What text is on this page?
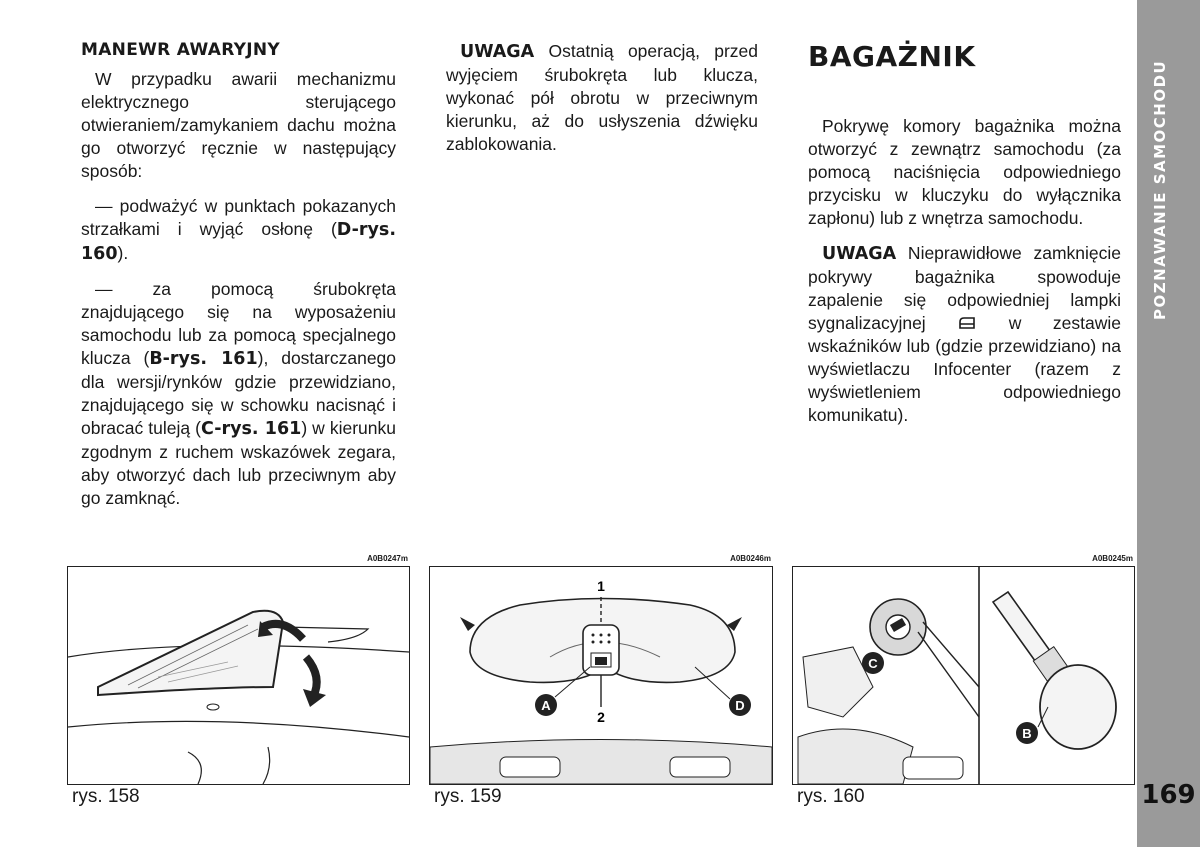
MANEWR AWARYJNY

W przypadku awarii mechanizmu elektrycznego sterującego otwieraniem/zamykaniem dachu można go otworzyć ręcznie w następujący sposób:

— podważyć w punktach pokazanych strzałkami i wyjąć osłonę (D-rys. 160).

— za pomocą śrubokręta znajdującego się na wyposażeniu samochodu lub za pomocą specjalnego klucza (B-rys. 161), dostarczanego dla wersji/rynków gdzie przewidziano, znajdującego się w schowku nacisnąć i obracać tuleją (C-rys. 161) w kierunku zgodnym z ruchem wskazówek zegara, aby otworzyć dach lub przeciwnym aby go zamknąć.

UWAGA Ostatnią operacją, przed wyjęciem śrubokręta lub klucza, wykonać pół obrotu w przeciwnym kierunku, aż do usłyszenia dźwięku zablokowania.

BAGAŻNIK

Pokrywę komory bagażnika można otworzyć z zewnątrz samochodu (za pomocą naciśnięcia odpowiedniego przycisku w kluczyku do wyłącznika zapłonu) lub z wnętrza samochodu.

UWAGA Nieprawidłowe zamknięcie pokrywy bagażnika spowoduje zapalenie się odpowiedniej lampki sygnalizacyjnej  w zestawie wskaźników lub (gdzie przewidziano) na wyświetlaczu Infocenter (razem z wyświetleniem odpowiedniego komunikatu).

POZNAWANIE SAMOCHODU
169
A0B0247m	A0B0246m	A0B0245m
1
2
A	D
C
B
rys. 158	rys. 159	rys. 160
